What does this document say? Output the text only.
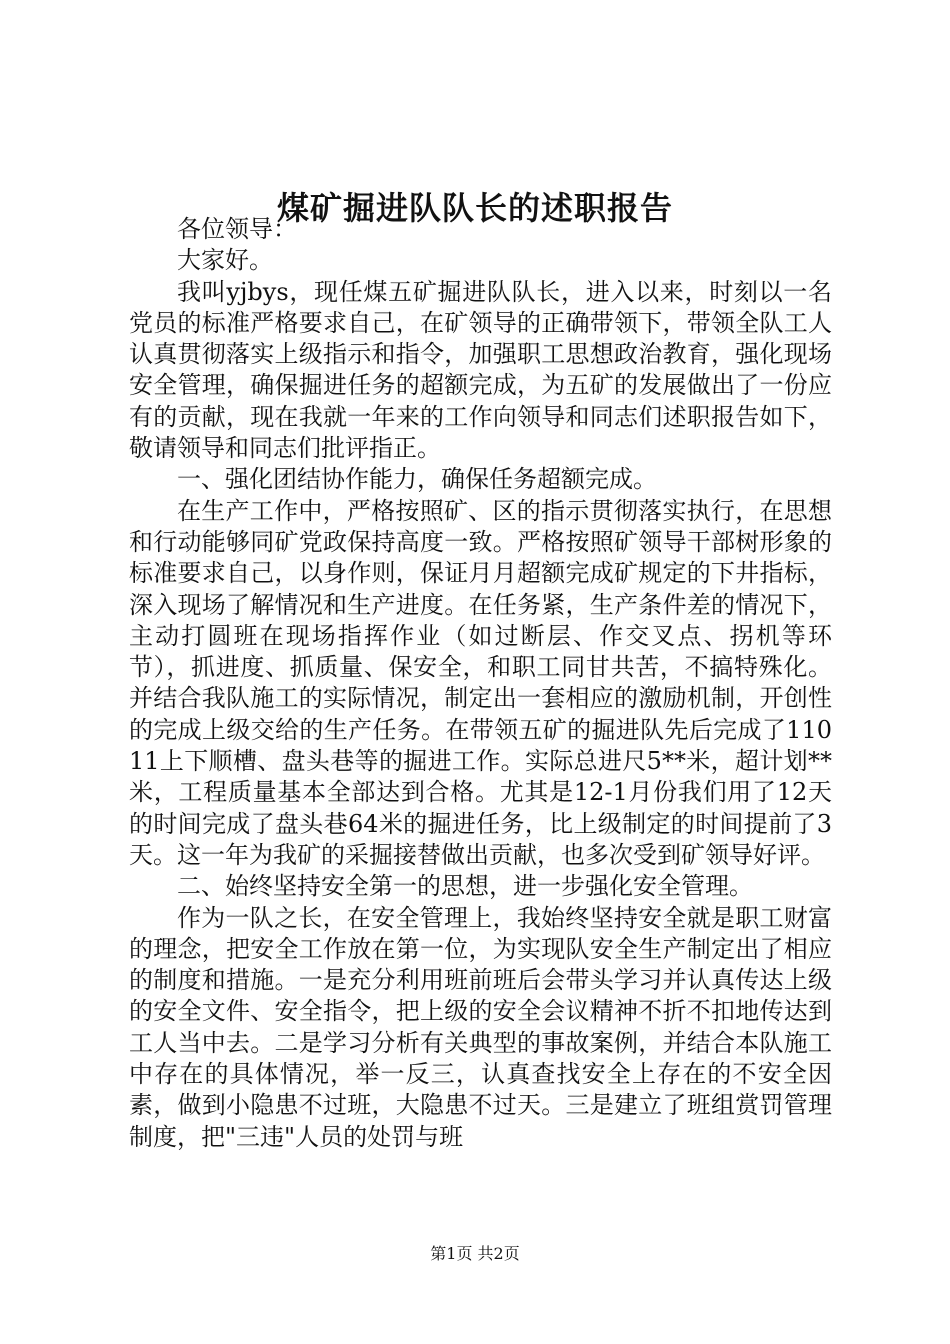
煤矿掘进队队长的述职报告

各位领导：

大家好。

我叫yjbys，现任煤五矿掘进队队长，进入以来，时刻以一名党员的标准严格要求自己，在矿领导的正确带领下，带领全队工人认真贯彻落实上级指示和指令，加强职工思想政治教育，强化现场安全管理，确保掘进任务的超额完成，为五矿的发展做出了一份应有的贡献，现在我就一年来的工作向领导和同志们述职报告如下，敬请领导和同志们批评指正。

一、强化团结协作能力，确保任务超额完成。

在生产工作中，严格按照矿、区的指示贯彻落实执行，在思想和行动能够同矿党政保持高度一致。严格按照矿领导干部树形象的标准要求自己，以身作则，保证月月超额完成矿规定的下井指标，深入现场了解情况和生产进度。在任务紧，生产条件差的情况下，主动打圆班在现场指挥作业（如过断层、作交叉点、拐机等环节），抓进度、抓质量、保安全，和职工同甘共苦，不搞特殊化。并结合我队施工的实际情况，制定出一套相应的激励机制，开创性的完成上级交给的生产任务。在带领五矿的掘进队先后完成了11011上下顺槽、盘头巷等的掘进工作。实际总进尺5**米，超计划**米，工程质量基本全部达到合格。尤其是12-1月份我们用了12天的时间完成了盘头巷64米的掘进任务，比上级制定的时间提前了3天。这一年为我矿的采掘接替做出贡献，也多次受到矿领导好评。

二、始终坚持安全第一的思想，进一步强化安全管理。

作为一队之长，在安全管理上，我始终坚持安全就是职工财富的理念，把安全工作放在第一位，为实现队安全生产制定出了相应的制度和措施。一是充分利用班前班后会带头学习并认真传达上级的安全文件、安全指令，把上级的安全会议精神不折不扣地传达到工人当中去。二是学习分析有关典型的事故案例，并结合本队施工中存在的具体情况，举一反三，认真查找安全上存在的不安全因素，做到小隐患不过班，大隐患不过天。三是建立了班组赏罚管理制度，把"三违"人员的处罚与班

第1页 共2页
